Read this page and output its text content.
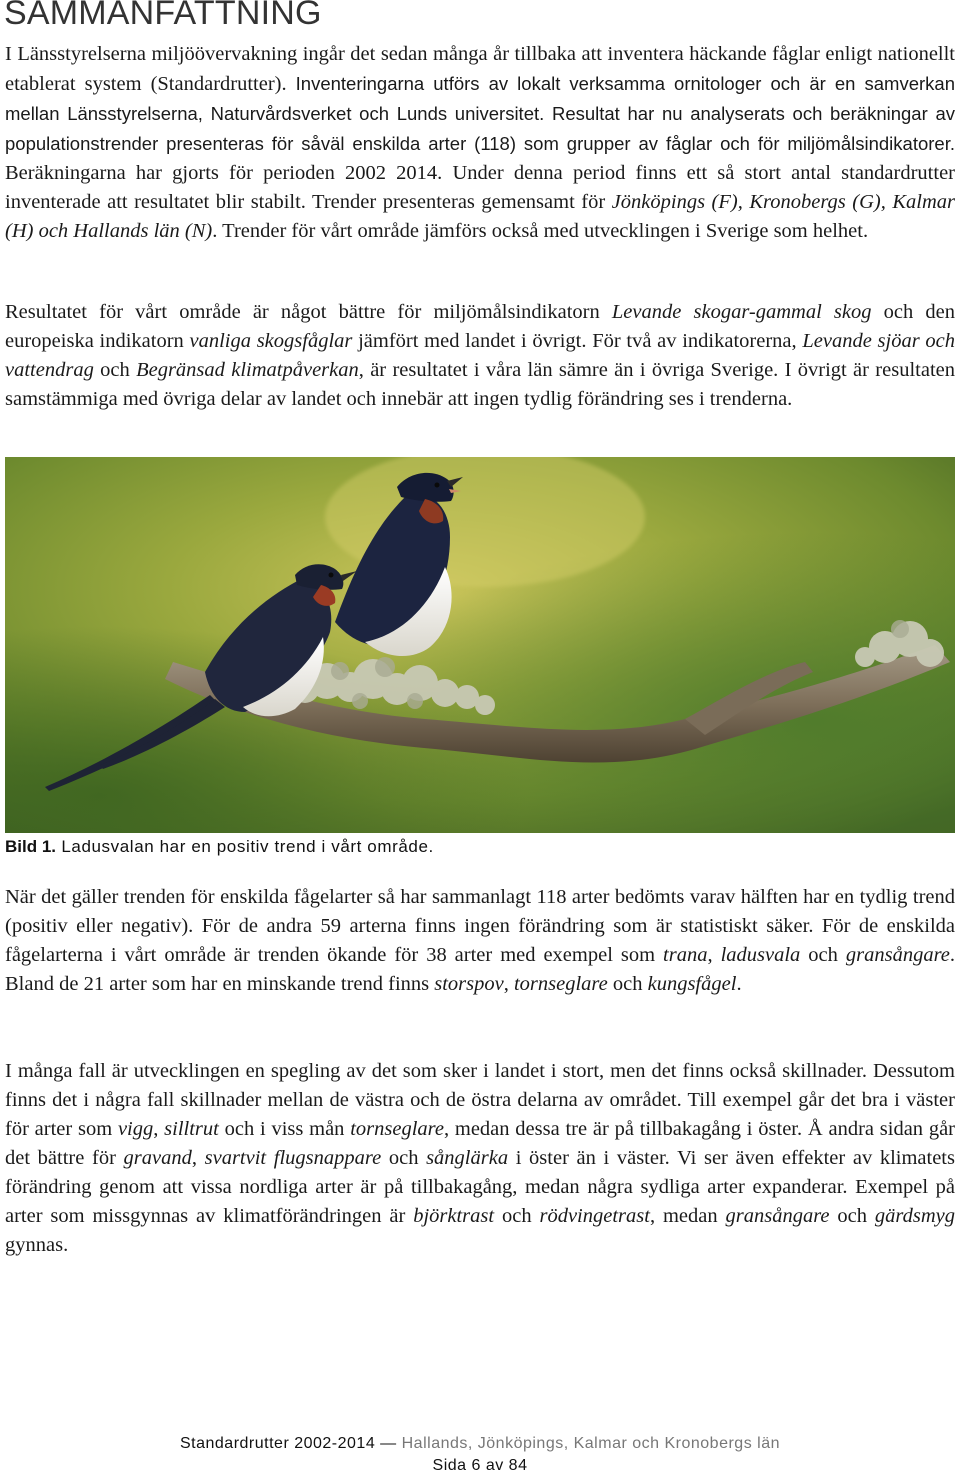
SAMMANFATTNING

I Länsstyrelserna miljöövervakning ingår det sedan många år tillbaka att inventera häckande fåglar enligt nationellt etablerat system (Standardrutter). Inventeringarna utförs av lokalt verksamma ornitologer och är en samverkan mellan Länsstyrelserna, Naturvårdsverket och Lunds universitet. Resultat har nu analyserats och beräkningar av populationstrender presenteras för såväl enskilda arter (118) som grupper av fåglar och för miljömålsindikatorer. Beräkningarna har gjorts för perioden 2002 2014. Under denna period finns ett så stort antal standardrutter inventerade att resultatet blir stabilt. Trender presenteras gemensamt för Jönköpings (F), Kronobergs (G), Kalmar (H) och Hallands län (N). Trender för vårt område jämförs också med utvecklingen i Sverige som helhet.

Resultatet för vårt område är något bättre för miljömålsindikatorn Levande skogar-gammal skog och den europeiska indikatorn vanliga skogsfåglar jämfört med landet i övrigt. För två av indikatorerna, Levande sjöar och vattendrag och Begränsad klimatpåverkan, är resultatet i våra län sämre än i övriga Sverige. I övrigt är resultaten samstämmiga med övriga delar av landet och innebär att ingen tydlig förändring ses i trenderna.

Bild 1. Ladusvalan har en positiv trend i vårt område.

När det gäller trenden för enskilda fågelarter så har sammanlagt 118 arter bedömts varav hälften har en tydlig trend (positiv eller negativ). För de andra 59 arterna finns ingen förändring som är statistiskt säker. För de enskilda fågelarterna i vårt område är trenden ökande för 38 arter med exempel som trana, ladusvala och gransångare. Bland de 21 arter som har en minskande trend finns storspov, tornseglare och kungsfågel.

I många fall är utvecklingen en spegling av det som sker i landet i stort, men det finns också skillnader. Dessutom finns det i några fall skillnader mellan de västra och de östra delarna av området. Till exempel går det bra i väster för arter som vigg, silltrut och i viss mån tornseglare, medan dessa tre är på tillbakagång i öster. Å andra sidan går det bättre för gravand, svartvit flugsnappare och sånglärka i öster än i väster. Vi ser även effekter av klimatets förändring genom att vissa nordliga arter är på tillbakagång, medan några sydliga arter expanderar. Exempel på arter som missgynnas av klimatförändringen är björktrast och rödvingetrast, medan gransångare och gärdsmyg gynnas.

Standardrutter 2002-2014 — Hallands, Jönköpings, Kalmar och Kronobergs län
Sida 6 av 84
